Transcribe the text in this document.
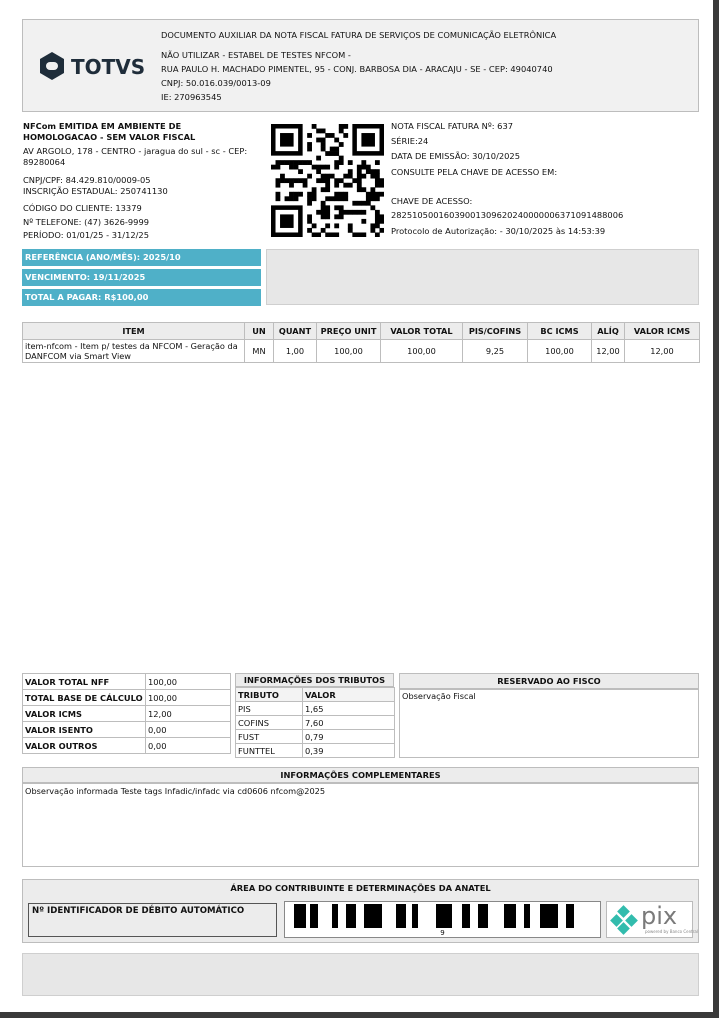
TOTVS
DOCUMENTO AUXILIAR DA NOTA FISCAL FATURA DE SERVIÇOS DE COMUNICAÇÃO ELETRÔNICA
NÃO UTILIZAR - ESTABEL DE TESTES NFCOM -
RUA PAULO H. MACHADO PIMENTEL, 95 - CONJ. BARBOSA DIA - ARACAJU - SE - CEP: 49040740
CNPJ: 50.016.039/0013-09
IE: 270963545
NFCom EMITIDA EM AMBIENTE DE HOMOLOGACAO - SEM VALOR FISCAL
AV ARGOLO, 178 - CENTRO - jaragua do sul - sc - CEP: 89280064
CNPJ/CPF: 84.429.810/0009-05
INSCRIÇÃO ESTADUAL: 250741130
CÓDIGO DO CLIENTE: 13379
Nº TELEFONE: (47) 3626-9999
PERÍODO: 01/01/25 - 31/12/25
NOTA FISCAL FATURA Nº: 637
SÉRIE:24
DATA DE EMISSÃO: 30/10/2025
CONSULTE PELA CHAVE DE ACESSO EM:
CHAVE DE ACESSO:
28251050016039001309620240000006371091488006
Protocolo de Autorização: - 30/10/2025 às 14:53:39
REFERÊNCIA (ANO/MÊS): 2025/10
VENCIMENTO: 19/11/2025
TOTAL A PAGAR: R$100,00
ITEM	UN	QUANT	PREÇO UNIT	VALOR TOTAL	PIS/COFINS	BC ICMS	ALÍQ	VALOR ICMS
item-nfcom - Item p/ testes da NFCOM - Geração da DANFCOM via Smart View	MN	1,00	100,00	100,00	9,25	100,00	12,00	12,00
VALOR TOTAL NFF	100,00
TOTAL BASE DE CÁLCULO	100,00
VALOR ICMS	12,00
VALOR ISENTO	0,00
VALOR OUTROS	0,00
INFORMAÇÕES DOS TRIBUTOS
TRIBUTO	VALOR
PIS	1,65
COFINS	7,60
FUST	0,79
FUNTTEL	0,39
RESERVADO AO FISCO
Observação Fiscal
INFORMAÇÕES COMPLEMENTARES
Observação informada Teste tags Infadic/infadc via cd0606 nfcom@2025
ÁREA DO CONTRIBUINTE E DETERMINAÇÕES DA ANATEL
Nº IDENTIFICADOR DE DÉBITO AUTOMÁTICO
9
pix
powered by Banco Central
